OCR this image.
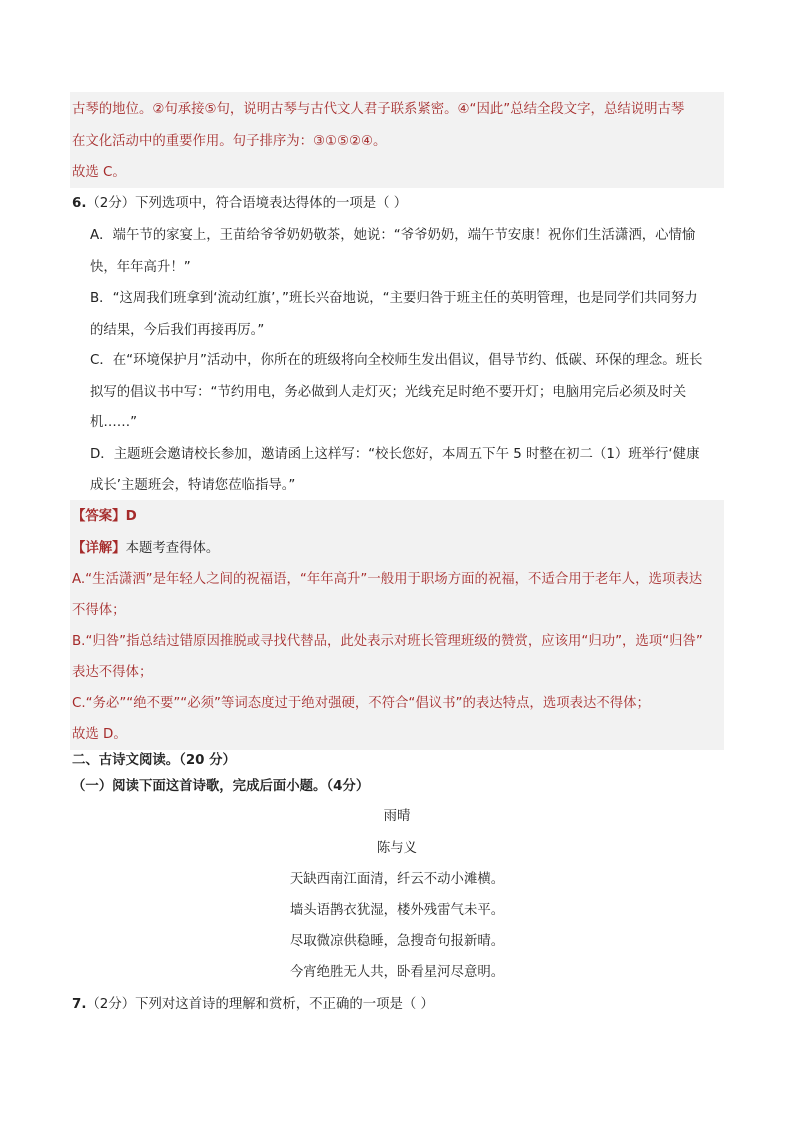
古琴的地位。②句承接⑤句，说明古琴与古代文人君子联系紧密。④“因此”总结全段文字，总结说明古琴
在文化活动中的重要作用。句子排序为：③①⑤②④。
故选 C。
6.（2分）下列选项中，符合语境表达得体的一项是（ ）
A．端午节的家宴上，王苗给爷爷奶奶敬茶，她说：“爷爷奶奶，端午节安康！祝你们生活潇洒，心情愉
快，年年高升！”
B．“这周我们班拿到‘流动红旗’，”班长兴奋地说，“主要归咎于班主任的英明管理，也是同学们共同努力
的结果，今后我们再接再厉。”
C．在“环境保护月”活动中，你所在的班级将向全校师生发出倡议，倡导节约、低碳、环保的理念。班长
拟写的倡议书中写：“节约用电，务必做到人走灯灭；光线充足时绝不要开灯；电脑用完后必须及时关
机……”
D．主题班会邀请校长参加，邀请函上这样写：“校长您好，本周五下午 5 时整在初二（1）班举行‘健康
成长’主题班会，特请您莅临指导。”
【答案】D
【详解】本题考查得体。
A.“生活潇洒”是年轻人之间的祝福语，“年年高升”一般用于职场方面的祝福，不适合用于老年人，选项表达
不得体；
B.“归咎”指总结过错原因推脱或寻找代替品，此处表示对班长管理班级的赞赏，应该用“归功”，选项“归咎”
表达不得体；
C.“务必”“绝不要”“必须”等词态度过于绝对强硬，不符合“倡议书”的表达特点，选项表达不得体；
故选 D。
二、古诗文阅读。（20 分）
（一）阅读下面这首诗歌，完成后面小题。（4分）
雨晴
陈与义
天缺西南江面清，纤云不动小滩横。
墙头语鹊衣犹湿，楼外残雷气未平。
尽取微凉供稳睡，急搜奇句报新晴。
今宵绝胜无人共，卧看星河尽意明。
7.（2分）下列对这首诗的理解和赏析，不正确的一项是（ ）
